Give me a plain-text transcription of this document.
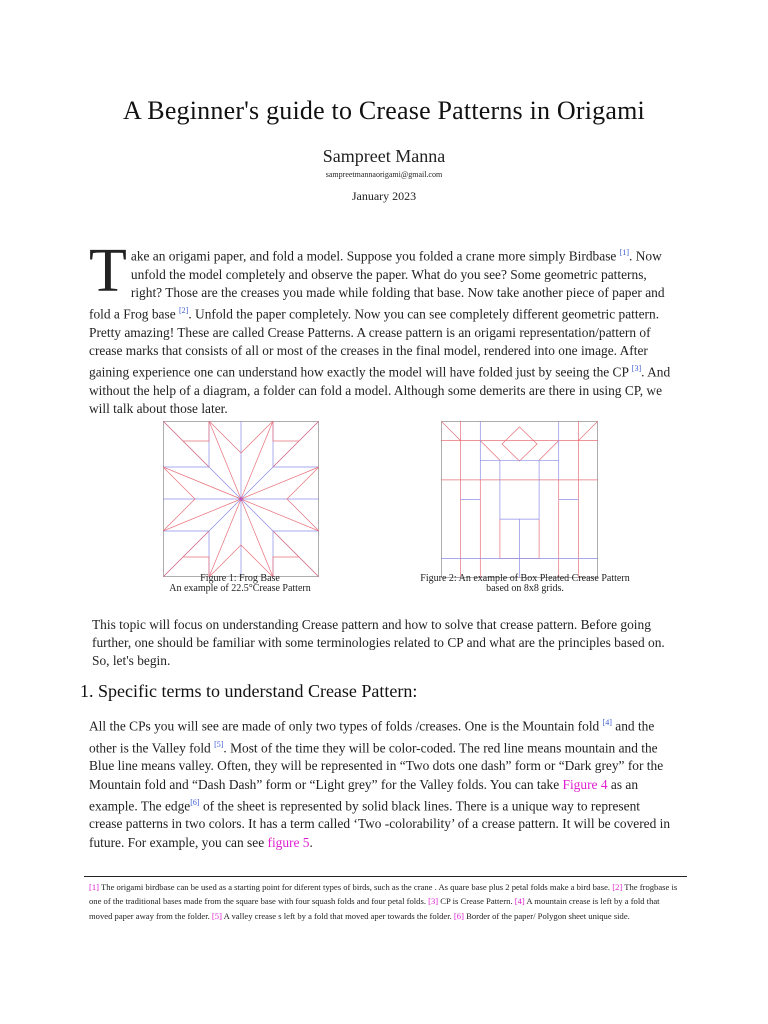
A Beginner's guide to Crease Patterns in Origami
Sampreet Manna
sampreetmannaorigami@gmail.com
January 2023
Take an origami paper, and fold a model. Suppose you folded a crane more simply Birdbase [1]. Now unfold the model completely and observe the paper. What do you see? Some geometric patterns, right? Those are the creases you made while folding that base. Now take another piece of paper and fold a Frog base [2]. Unfold the paper completely. Now you can see completely different geometric pattern. Pretty amazing! These are called Crease Patterns. A crease pattern is an origami representation/pattern of crease marks that consists of all or most of the creases in the final model, rendered into one image. After gaining experience one can understand how exactly the model will have folded just by seeing the CP [3]. And without the help of a diagram, a folder can fold a model. Although some demerits are there in using CP, we will talk about those later.
Figure 1: Frog Base
An example of 22.5°Crease Pattern
Figure 2: An example of Box Pleated Crease Pattern
based on 8x8 grids.
This topic will focus on understanding Crease pattern and how to solve that crease pattern. Before going further, one should be familiar with some terminologies related to CP and what are the principles based on. So, let's begin.
1. Specific terms to understand Crease Pattern:
All the CPs you will see are made of only two types of folds /creases. One is the Mountain fold [4] and the other is the Valley fold [5]. Most of the time they will be color-coded. The red line means mountain and the Blue line means valley. Often, they will be represented in “Two dots one dash” form or “Dark grey” for the Mountain fold and “Dash Dash” form or “Light grey” for the Valley folds. You can take Figure 4 as an example. The edge[6] of the sheet is represented by solid black lines. There is a unique way to represent crease patterns in two colors. It has a term called ‘Two -colorability’ of a crease pattern. It will be covered in future. For example, you can see figure 5.
[1] The origami birdbase can be used as a starting point for diferent types of birds, such as the crane . As quare base plus 2 petal folds make a bird base. [2] The frogbase is one of the traditional bases made from the square base with four squash folds and four petal folds. [3] CP is Crease Pattern. [4] A mountain crease is left by a fold that moved paper away from the folder. [5] A valley crease s left by a fold that moved aper towards the folder. [6] Border of the paper/ Polygon sheet unique side.
